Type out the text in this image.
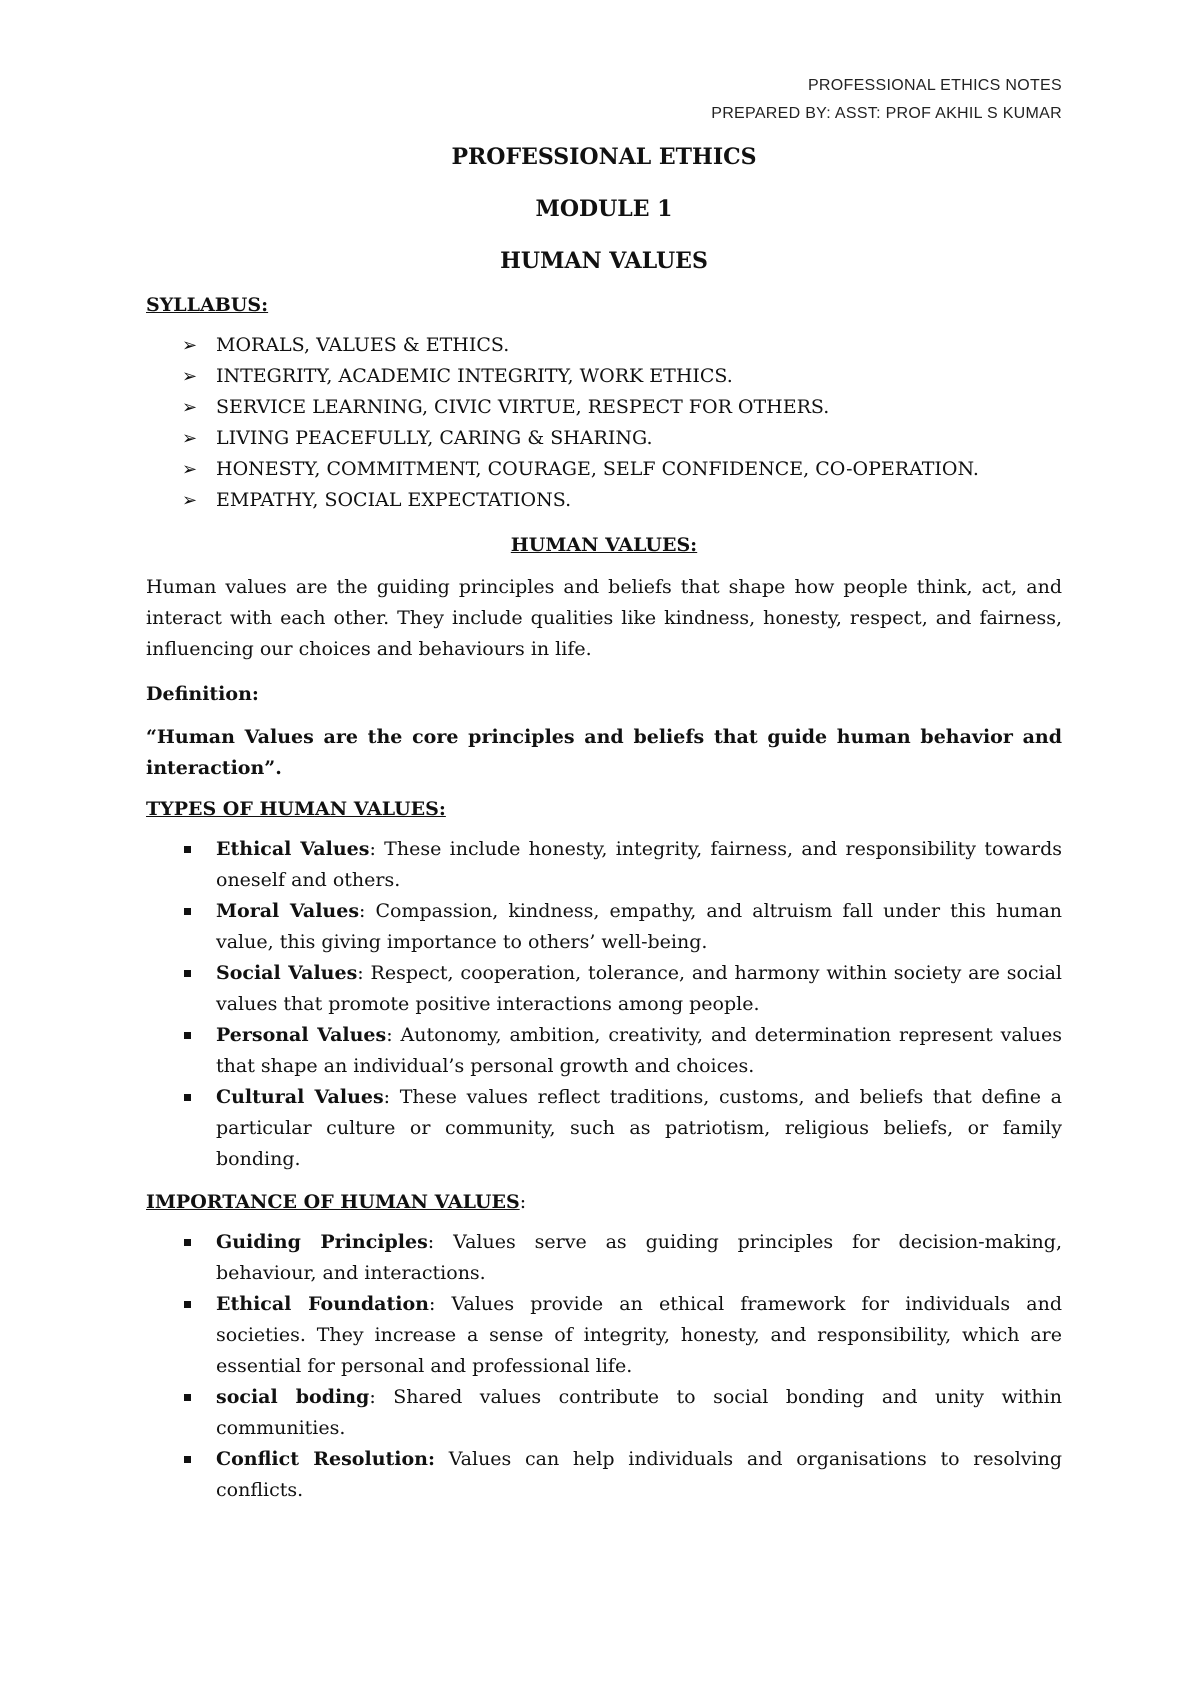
PROFESSIONAL ETHICS NOTES
PREPARED BY: ASST: PROF AKHIL S KUMAR
PROFESSIONAL ETHICS
MODULE 1
HUMAN VALUES
SYLLABUS:
➢ MORALS, VALUES & ETHICS.
➢ INTEGRITY, ACADEMIC INTEGRITY, WORK ETHICS.
➢ SERVICE LEARNING, CIVIC VIRTUE, RESPECT FOR OTHERS.
➢ LIVING PEACEFULLY, CARING & SHARING.
➢ HONESTY, COMMITMENT, COURAGE, SELF CONFIDENCE, CO-OPERATION.
➢ EMPATHY, SOCIAL EXPECTATIONS.
HUMAN VALUES:

Human values are the guiding principles and beliefs that shape how people think, act, and interact with each other. They include qualities like kindness, honesty, respect, and fairness, influencing our choices and behaviours in life.

Definition:

“Human Values are the core principles and beliefs that guide human behavior and interaction”.

TYPES OF HUMAN VALUES:
Ethical Values: These include honesty, integrity, fairness, and responsibility towards oneself and others.
Moral Values: Compassion, kindness, empathy, and altruism fall under this human value, this giving importance to others’ well-being.
Social Values: Respect, cooperation, tolerance, and harmony within society are social values that promote positive interactions among people.
Personal Values: Autonomy, ambition, creativity, and determination represent values that shape an individual’s personal growth and choices.
Cultural Values: These values reflect traditions, customs, and beliefs that define a particular culture or community, such as patriotism, religious beliefs, or family bonding.
IMPORTANCE OF HUMAN VALUES:
Guiding Principles: Values serve as guiding principles for decision-making, behaviour, and interactions.
Ethical Foundation: Values provide an ethical framework for individuals and societies. They increase a sense of integrity, honesty, and responsibility, which are essential for personal and professional life.
social boding: Shared values contribute to social bonding and unity within communities.
Conflict Resolution: Values can help individuals and organisations to resolving conflicts.
